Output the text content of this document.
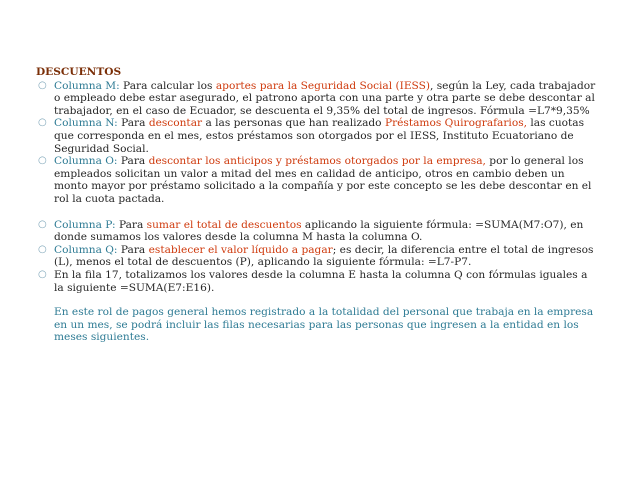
DESCUENTOS

○ Columna M: Para calcular los aportes para la Seguridad Social (IESS), según la Ley, cada trabajador o empleado debe estar asegurado, el patrono aporta con una parte y otra parte se debe descontar al trabajador, en el caso de Ecuador, se descuenta el 9,35% del total de ingresos. Fórmula =L7*9,35%

○ Columna N: Para descontar a las personas que han realizado Préstamos Quirografarios, las cuotas que corresponda en el mes, estos préstamos son otorgados por el IESS, Instituto Ecuatoriano de Seguridad Social.

○ Columna O: Para descontar los anticipos y préstamos otorgados por la empresa, por lo general los empleados solicitan un valor a mitad del mes en calidad de anticipo, otros en cambio deben un monto mayor por préstamo solicitado a la compañía y por este concepto se les debe descontar en el rol la cuota pactada.

○ Columna P: Para sumar el total de descuentos aplicando la siguiente fórmula: =SUMA(M7:O7), en donde sumamos los valores desde la columna M hasta la columna O.

○ Columna Q: Para establecer el valor líquido a pagar; es decir, la diferencia entre el total de ingresos (L), menos el total de descuentos (P), aplicando la siguiente fórmula: =L7-P7.

○ En la fila 17, totalizamos los valores desde la columna E hasta la columna Q con fórmulas iguales a la siguiente =SUMA(E7:E16).

En este rol de pagos general hemos registrado a la totalidad del personal que trabaja en la empresa en un mes, se podrá incluir las filas necesarias para las personas que ingresen a la entidad en los meses siguientes.
